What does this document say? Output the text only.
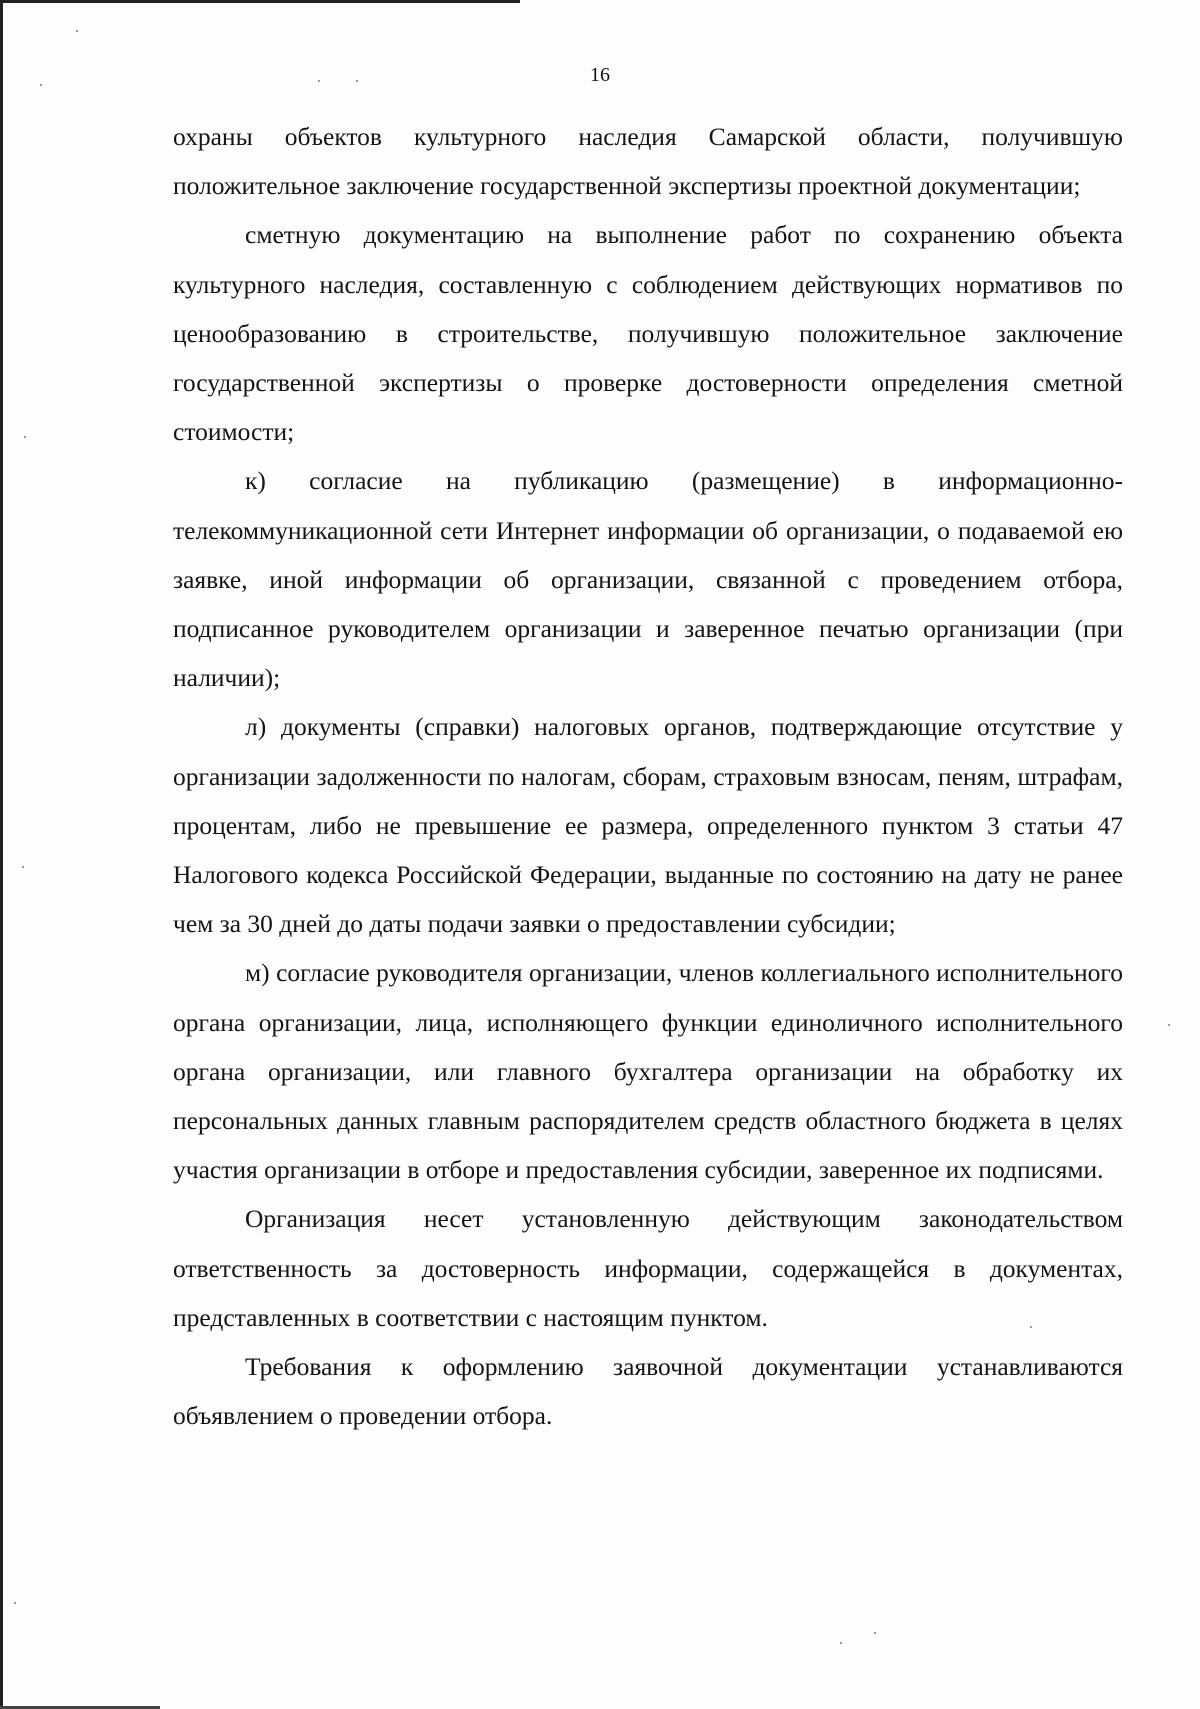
16

охраны объектов культурного наследия Самарской области, получившую положительное заключение государственной экспертизы проектной документации;

сметную документацию на выполнение работ по сохранению объекта культурного наследия, составленную с соблюдением действующих нормативов по ценообразованию в строительстве, получившую положительное заключение государственной экспертизы о проверке достоверности определения сметной стоимости;

к) согласие на публикацию (размещение) в информационно-телекоммуникационной сети Интернет информации об организации, о подаваемой ею заявке, иной информации об организации, связанной с проведением отбора, подписанное руководителем организации и заверенное печатью организации (при наличии);

л) документы (справки) налоговых органов, подтверждающие отсутствие у организации задолженности по налогам, сборам, страховым взносам, пеням, штрафам, процентам, либо не превышение ее размера, определенного пунктом 3 статьи 47 Налогового кодекса Российской Федерации, выданные по состоянию на дату не ранее чем за 30 дней до даты подачи заявки о предоставлении субсидии;

м) согласие руководителя организации, членов коллегиального исполнительного органа организации, лица, исполняющего функции единоличного исполнительного органа организации, или главного бухгалтера организации на обработку их персональных данных главным распорядителем средств областного бюджета в целях участия организации в отборе и предоставления субсидии, заверенное их подписями.

Организация несет установленную действующим законодательством ответственность за достоверность информации, содержащейся в документах, представленных в соответствии с настоящим пунктом.

Требования к оформлению заявочной документации устанавливаются объявлением о проведении отбора.
